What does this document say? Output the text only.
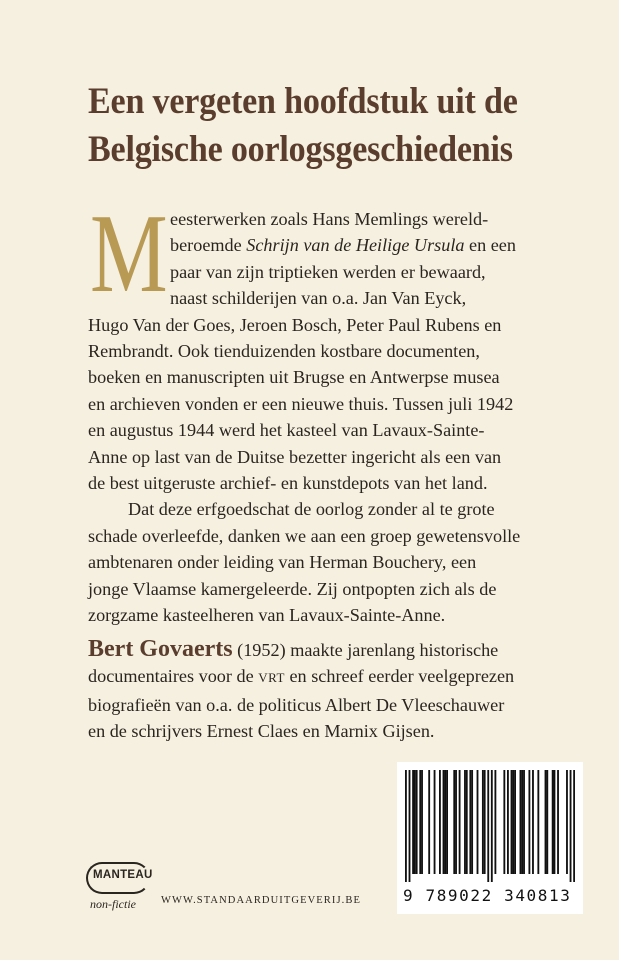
Een vergeten hoofdstuk uit de
Belgische oorlogsgeschiedenis
M eesterwerken zoals Hans Memlings wereld-
beroemde Schrijn van de Heilige Ursula en een
paar van zijn triptieken werden er bewaard,
naast schilderijen van o.a. Jan Van Eyck,
Hugo Van der Goes, Jeroen Bosch, Peter Paul Rubens en
Rembrandt. Ook tienduizenden kostbare documenten,
boeken en manuscripten uit Brugse en Antwerpse musea
en archieven vonden er een nieuwe thuis. Tussen juli 1942
en augustus 1944 werd het kasteel van Lavaux-Sainte-
Anne op last van de Duitse bezetter ingericht als een van
de best uitgeruste archief- en kunstdepots van het land.
Dat deze erfgoedschat de oorlog zonder al te grote
schade overleefde, danken we aan een groep gewetensvolle
ambtenaren onder leiding van Herman Bouchery, een
jonge Vlaamse kamergeleerde. Zij ontpopten zich als de
zorgzame kasteelheren van Lavaux-Sainte-Anne.
Bert Govaerts (1952) maakte jarenlang historische
documentaires voor de VRT en schreef eerder veelgeprezen
biografieën van o.a. de politicus Albert De Vleeschauwer
en de schrijvers Ernest Claes en Marnix Gijsen.
MANTEAU
non-fictie WWW.STANDAARDUITGEVERIJ.BE	9 789022 340813
